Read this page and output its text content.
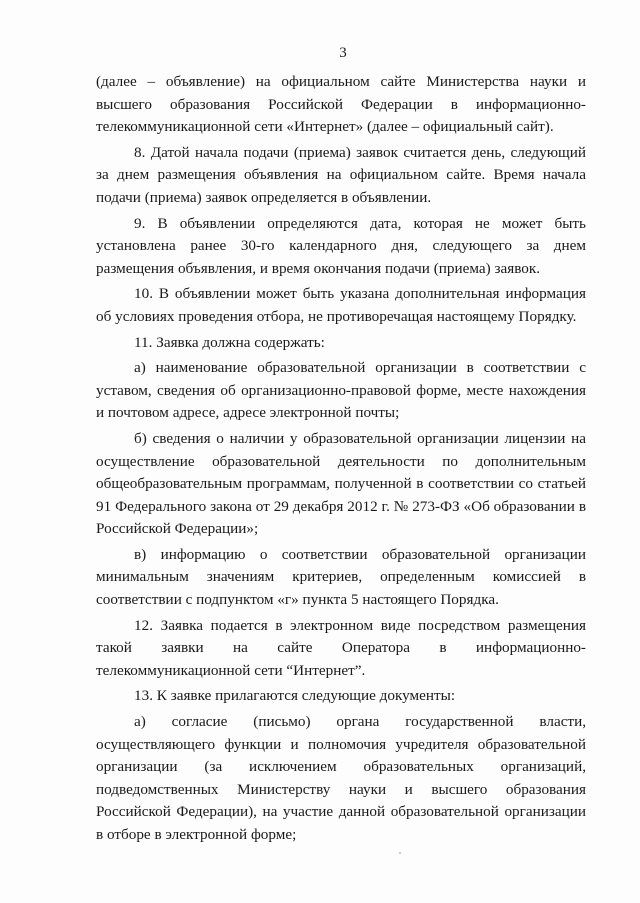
3

(далее – объявление) на официальном сайте Министерства науки и высшего образования Российской Федерации в информационно-телекоммуникационной сети «Интернет» (далее – официальный сайт).

8. Датой начала подачи (приема) заявок считается день, следующий за днем размещения объявления на официальном сайте. Время начала подачи (приема) заявок определяется в объявлении.

9. В объявлении определяются дата, которая не может быть установлена ранее 30-го календарного дня, следующего за днем размещения объявления, и время окончания подачи (приема) заявок.

10. В объявлении может быть указана дополнительная информация об условиях проведения отбора, не противоречащая настоящему Порядку.

11. Заявка должна содержать:

а) наименование образовательной организации в соответствии с уставом, сведения об организационно-правовой форме, месте нахождения и почтовом адресе, адресе электронной почты;

б) сведения о наличии у образовательной организации лицензии на осуществление образовательной деятельности по дополнительным общеобразовательным программам, полученной в соответствии со статьей 91 Федерального закона от 29 декабря 2012 г. № 273-ФЗ «Об образовании в Российской Федерации»;

в) информацию о соответствии образовательной организации минимальным значениям критериев, определенным комиссией в соответствии с подпунктом «г» пункта 5 настоящего Порядка.

12. Заявка подается в электронном виде посредством размещения такой заявки на сайте Оператора в информационно-телекоммуникационной сети “Интернет”.

13. К заявке прилагаются следующие документы:

а) согласие (письмо) органа государственной власти, осуществляющего функции и полномочия учредителя образовательной организации (за исключением образовательных организаций, подведомственных Министерству науки и высшего образования Российской Федерации), на участие данной образовательной организации в отборе в электронной форме;
